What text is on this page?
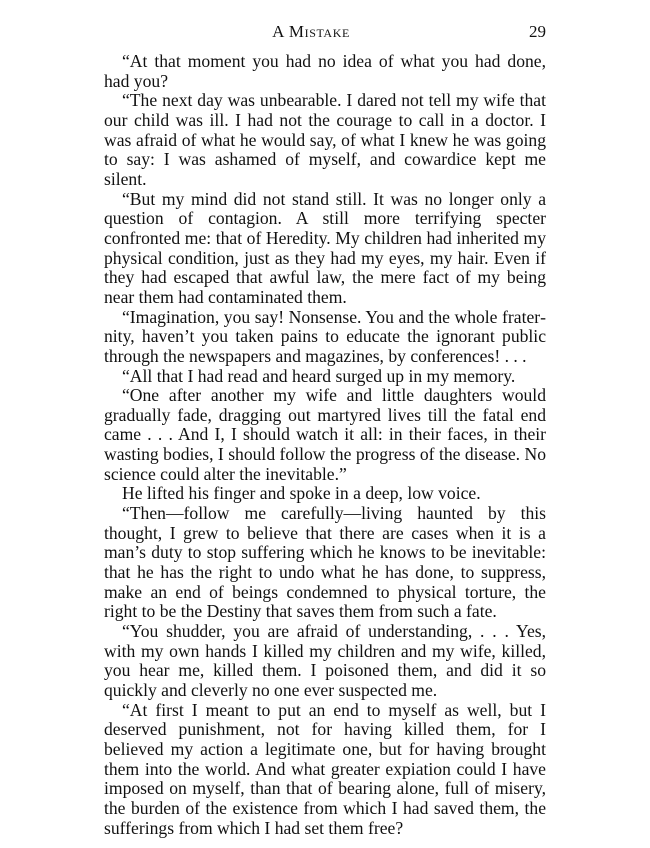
A Mistake	29

“At that moment you had no idea of what you had done, had you?

“The next day was unbearable. I dared not tell my wife that our child was ill. I had not the courage to call in a doctor. I was afraid of what he would say, of what I knew he was going to say: I was ashamed of myself, and cowardice kept me silent.

“But my mind did not stand still. It was no longer only a question of contagion. A still more terrifying specter confronted me: that of Heredity. My children had inherited my physical condition, just as they had my eyes, my hair. Even if they had escaped that awful law, the mere fact of my being near them had contaminated them.

“Imagination, you say! Nonsense. You and the whole fraternity, haven’t you taken pains to educate the ignorant public through the newspapers and magazines, by conferences! . . .

“All that I had read and heard surged up in my memory.

“One after another my wife and little daughters would gradually fade, dragging out martyred lives till the fatal end came . . . And I, I should watch it all: in their faces, in their wasting bodies, I should follow the progress of the disease. No science could alter the inevitable.”

He lifted his finger and spoke in a deep, low voice.

“Then—follow me carefully—living haunted by this thought, I grew to believe that there are cases when it is a man’s duty to stop suffering which he knows to be inevitable: that he has the right to undo what he has done, to suppress, make an end of beings condemned to physical torture, the right to be the Destiny that saves them from such a fate.

“You shudder, you are afraid of understanding, . . . Yes, with my own hands I killed my children and my wife, killed, you hear me, killed them. I poisoned them, and did it so quickly and cleverly no one ever suspected me.

“At first I meant to put an end to myself as well, but I deserved punishment, not for having killed them, for I believed my action a legitimate one, but for having brought them into the world. And what greater expiation could I have imposed on myself, than that of bearing alone, full of misery, the burden of the existence from which I had saved them, the sufferings from which I had set them free?
